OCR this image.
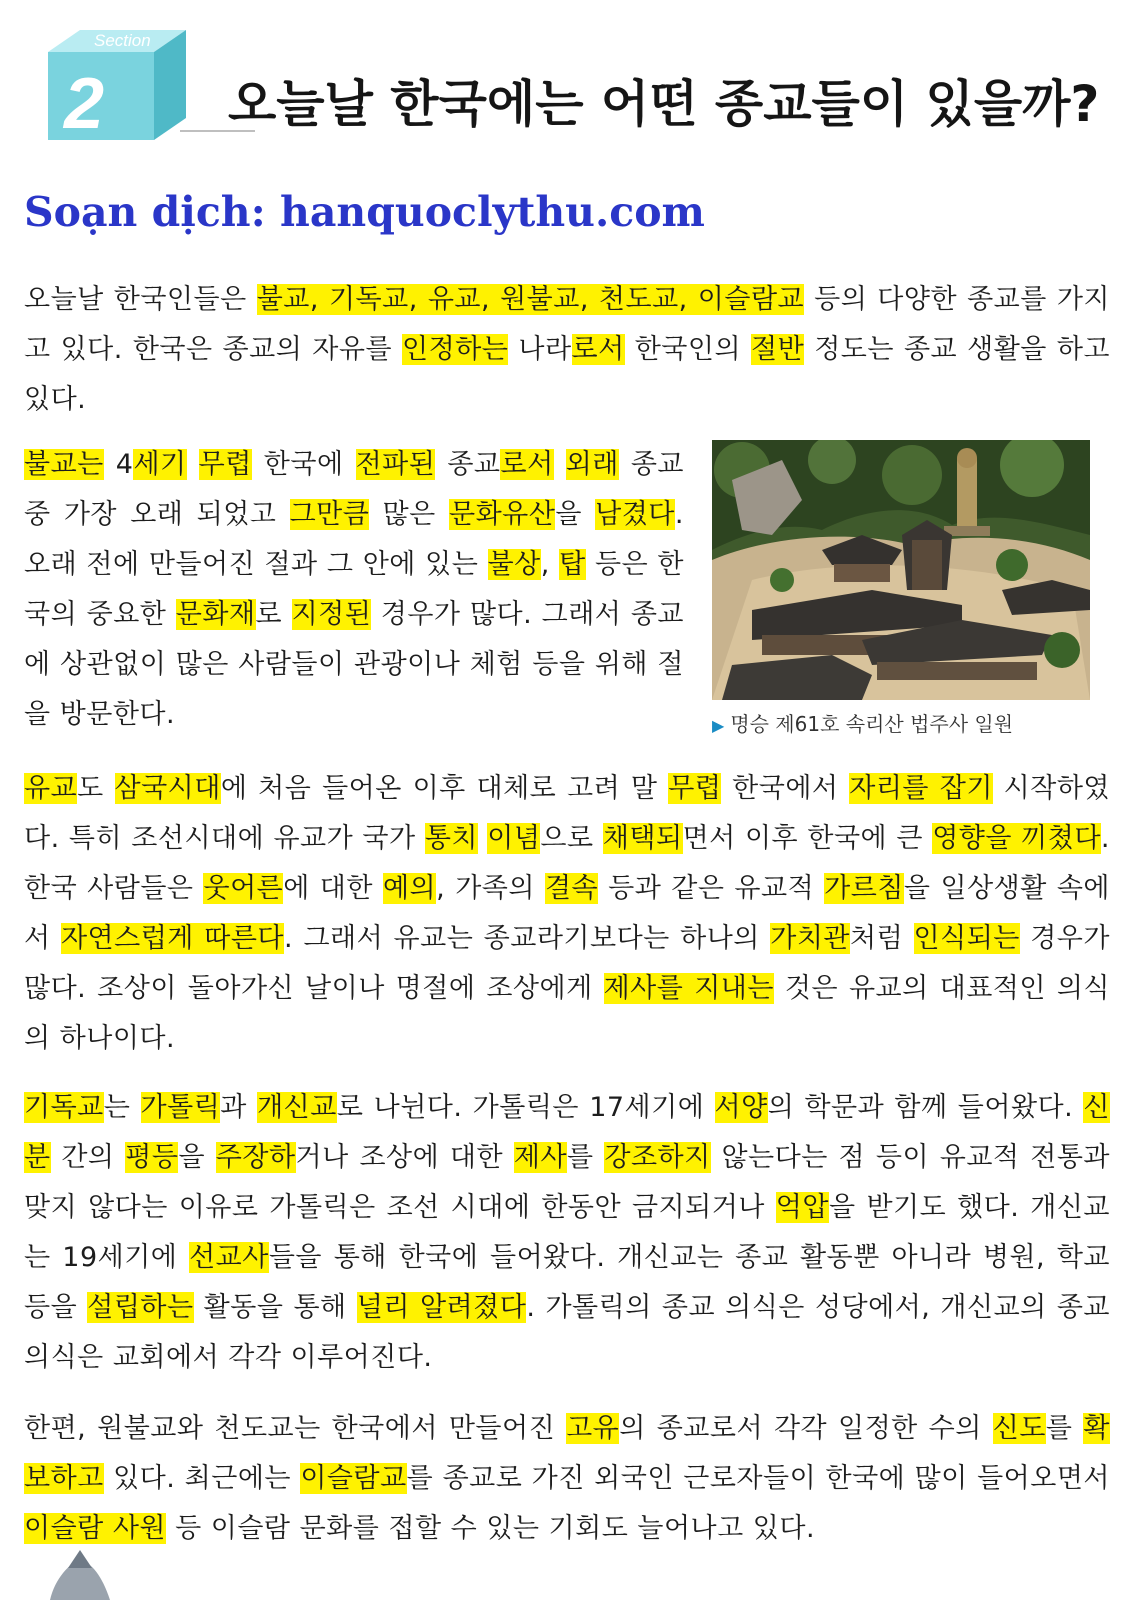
Section
2 오늘날 한국에는 어떤 종교들이 있을까?
Soạn dịch: hanquoclythu.com

오늘날 한국인들은 불교, 기독교, 유교, 원불교, 천도교, 이슬람교 등의 다양한 종교를 가지고 있다. 한국은 종교의 자유를 인정하는 나라로서 한국인의 절반 정도는 종교 생활을 하고 있다.

불교는 4세기 무렵 한국에 전파된 종교로서 외래 종교 중 가장 오래 되었고 그만큼 많은 문화유산을 남겼다. 오래 전에 만들어진 절과 그 안에 있는 불상, 탑 등은 한국의 중요한 문화재로 지정된 경우가 많다. 그래서 종교에 상관없이 많은 사람들이 관광이나 체험 등을 위해 절을 방문한다.	▶ 명승 제61호 속리산 법주사 일원

유교도 삼국시대에 처음 들어온 이후 대체로 고려 말 무렵 한국에서 자리를 잡기 시작하였다. 특히 조선시대에 유교가 국가 통치 이념으로 채택되면서 이후 한국에 큰 영향을 끼쳤다. 한국 사람들은 웃어른에 대한 예의, 가족의 결속 등과 같은 유교적 가르침을 일상생활 속에서 자연스럽게 따른다. 그래서 유교는 종교라기보다는 하나의 가치관처럼 인식되는 경우가 많다. 조상이 돌아가신 날이나 명절에 조상에게 제사를 지내는 것은 유교의 대표적인 의식의 하나이다.

기독교는 가톨릭과 개신교로 나뉜다. 가톨릭은 17세기에 서양의 학문과 함께 들어왔다. 신분 간의 평등을 주장하거나 조상에 대한 제사를 강조하지 않는다는 점 등이 유교적 전통과 맞지 않다는 이유로 가톨릭은 조선 시대에 한동안 금지되거나 억압을 받기도 했다. 개신교는 19세기에 선교사들을 통해 한국에 들어왔다. 개신교는 종교 활동뿐 아니라 병원, 학교 등을 설립하는 활동을 통해 널리 알려졌다. 가톨릭의 종교 의식은 성당에서, 개신교의 종교 의식은 교회에서 각각 이루어진다.

한편, 원불교와 천도교는 한국에서 만들어진 고유의 종교로서 각각 일정한 수의 신도를 확보하고 있다. 최근에는 이슬람교를 종교로 가진 외국인 근로자들이 한국에 많이 들어오면서 이슬람 사원 등 이슬람 문화를 접할 수 있는 기회도 늘어나고 있다.
